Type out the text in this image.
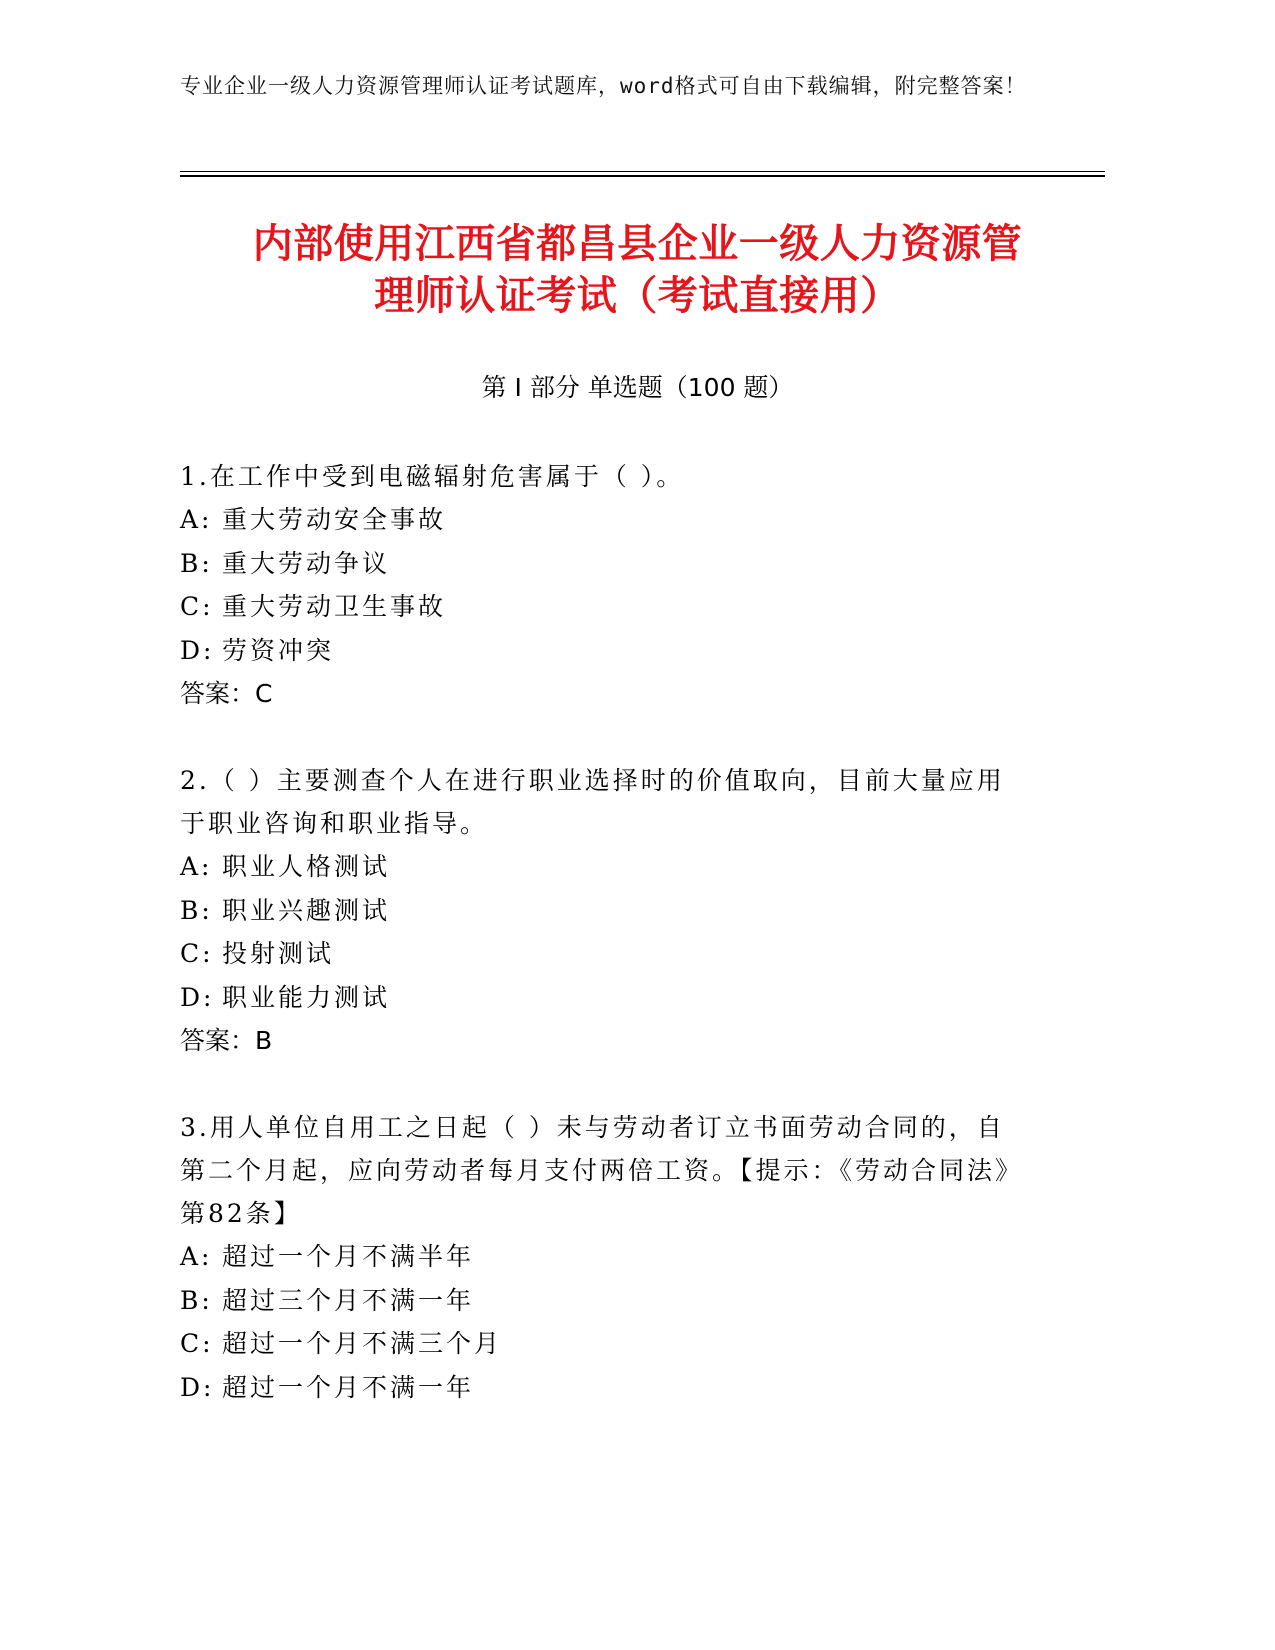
专业企业一级人力资源管理师认证考试题库，word格式可自由下载编辑，附完整答案！
内部使用江西省都昌县企业一级人力资源管
理师认证考试（考试直接用）
第 I 部分 单选题（100 题）

1.在工作中受到电磁辐射危害属于（ ）。

A: 重大劳动安全事故

B: 重大劳动争议

C: 重大劳动卫生事故

D: 劳资冲突

答案：C

2.（ ）主要测查个人在进行职业选择时的价值取向，目前大量应用于职业咨询和职业指导。

A: 职业人格测试

B: 职业兴趣测试

C: 投射测试

D: 职业能力测试

答案：B

3.用人单位自用工之日起（ ）未与劳动者订立书面劳动合同的，自第二个月起，应向劳动者每月支付两倍工资。【提示：《劳动合同法》第82条】

A: 超过一个月不满半年

B: 超过三个月不满一年

C: 超过一个月不满三个月

D: 超过一个月不满一年
